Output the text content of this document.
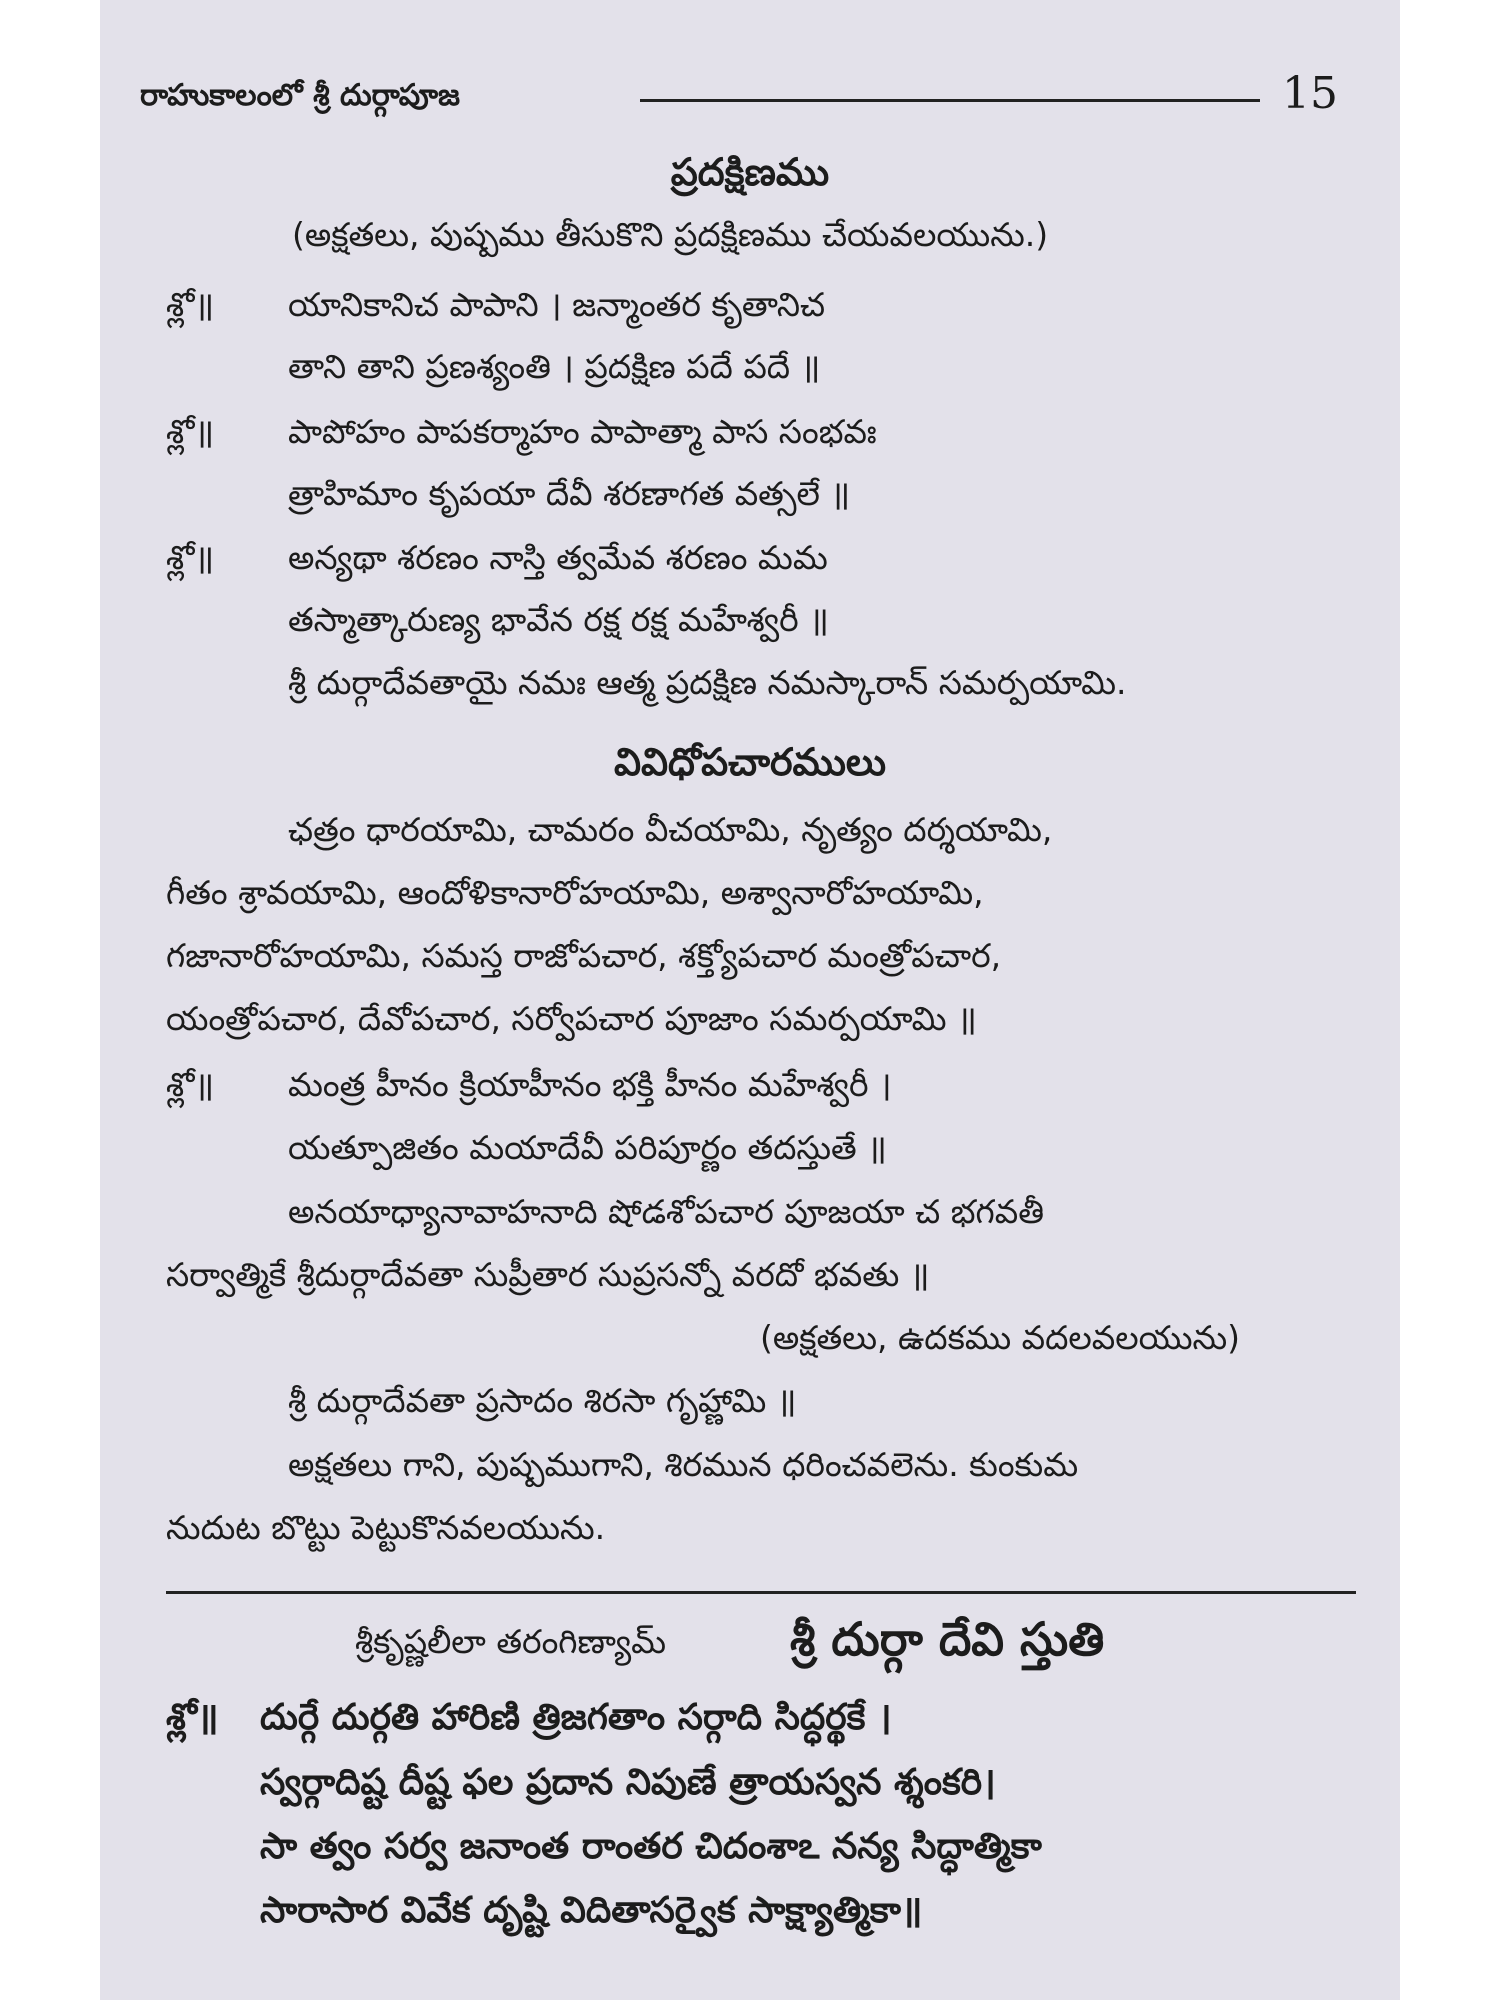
రాహుకాలంలో శ్రీ దుర్గాపూజ	15
ప్రదక్షిణము
(అక్షతలు, పుష్పము తీసుకొని ప్రదక్షిణము చేయవలయును.)
శ్లో॥ యానికానిచ పాపాని । జన్మాంతర కృతానిచ
తాని తాని ప్రణశ్యంతి । ప్రదక్షిణ పదే పదే ॥
శ్లో॥ పాపోహం పాపకర్మాహం పాపాత్మా పాస సంభవః
త్రాహిమాం కృపయా దేవీ శరణాగత వత్సలే ॥
శ్లో॥ అన్యథా శరణం నాస్తి త్వమేవ శరణం మమ
తస్మాత్కారుణ్య భావేన రక్ష రక్ష మహేశ్వరీ ॥
శ్రీ దుర్గాదేవతాయై నమః ఆత్మ ప్రదక్షిణ నమస్కారాన్ సమర్పయామి.
వివిధోపచారములు
ఛత్రం ధారయామి, చామరం వీచయామి, నృత్యం దర్శయామి,
గీతం శ్రావయామి, ఆందోళికానారోహయామి, అశ్వానారోహయామి,
గజానారోహయామి, సమస్త రాజోపచార, శక్త్యోపచార మంత్రోపచార,
యంత్రోపచార, దేవోపచార, సర్వోపచార పూజాం సమర్పయామి ॥
శ్లో॥ మంత్ర హీనం క్రియాహీనం భక్తి హీనం మహేశ్వరీ ।
యత్పూజితం మయాదేవీ పరిపూర్ణం తదస్తుతే ॥
అనయాధ్యానావాహనాది షోడశోపచార పూజయా చ భగవతీ
సర్వాత్మికే శ్రీదుర్గాదేవతా సుప్రీతార సుప్రసన్నో వరదో భవతు ॥
(అక్షతలు, ఉదకము వదలవలయును)
శ్రీ దుర్గాదేవతా ప్రసాదం శిరసా గృహ్ణామి ॥
అక్షతలు గాని, పుష్పముగాని, శిరమున ధరించవలెను. కుంకుమ
నుదుట బొట్టు పెట్టుకొనవలయును.
శ్రీకృష్ణలీలా తరంగిణ్యామ్	శ్రీ దుర్గా దేవి స్తుతి
శ్లో॥ దుర్గే దుర్గతి హారిణి త్రిజగతాం సర్గాది సిద్ధర్థకే ।
స్వర్గాదిష్ట దీష్ట ఫల ప్రదాన నిపుణే త్రాయస్వన శ్శంకరి।
సా త్వం సర్వ జనాంత రాంతర చిదంశాఽ నన్య సిద్ధాత్మికా
సారాసార వివేక దృష్టి విదితాసర్వైక సాక్ష్యాత్మికా॥
